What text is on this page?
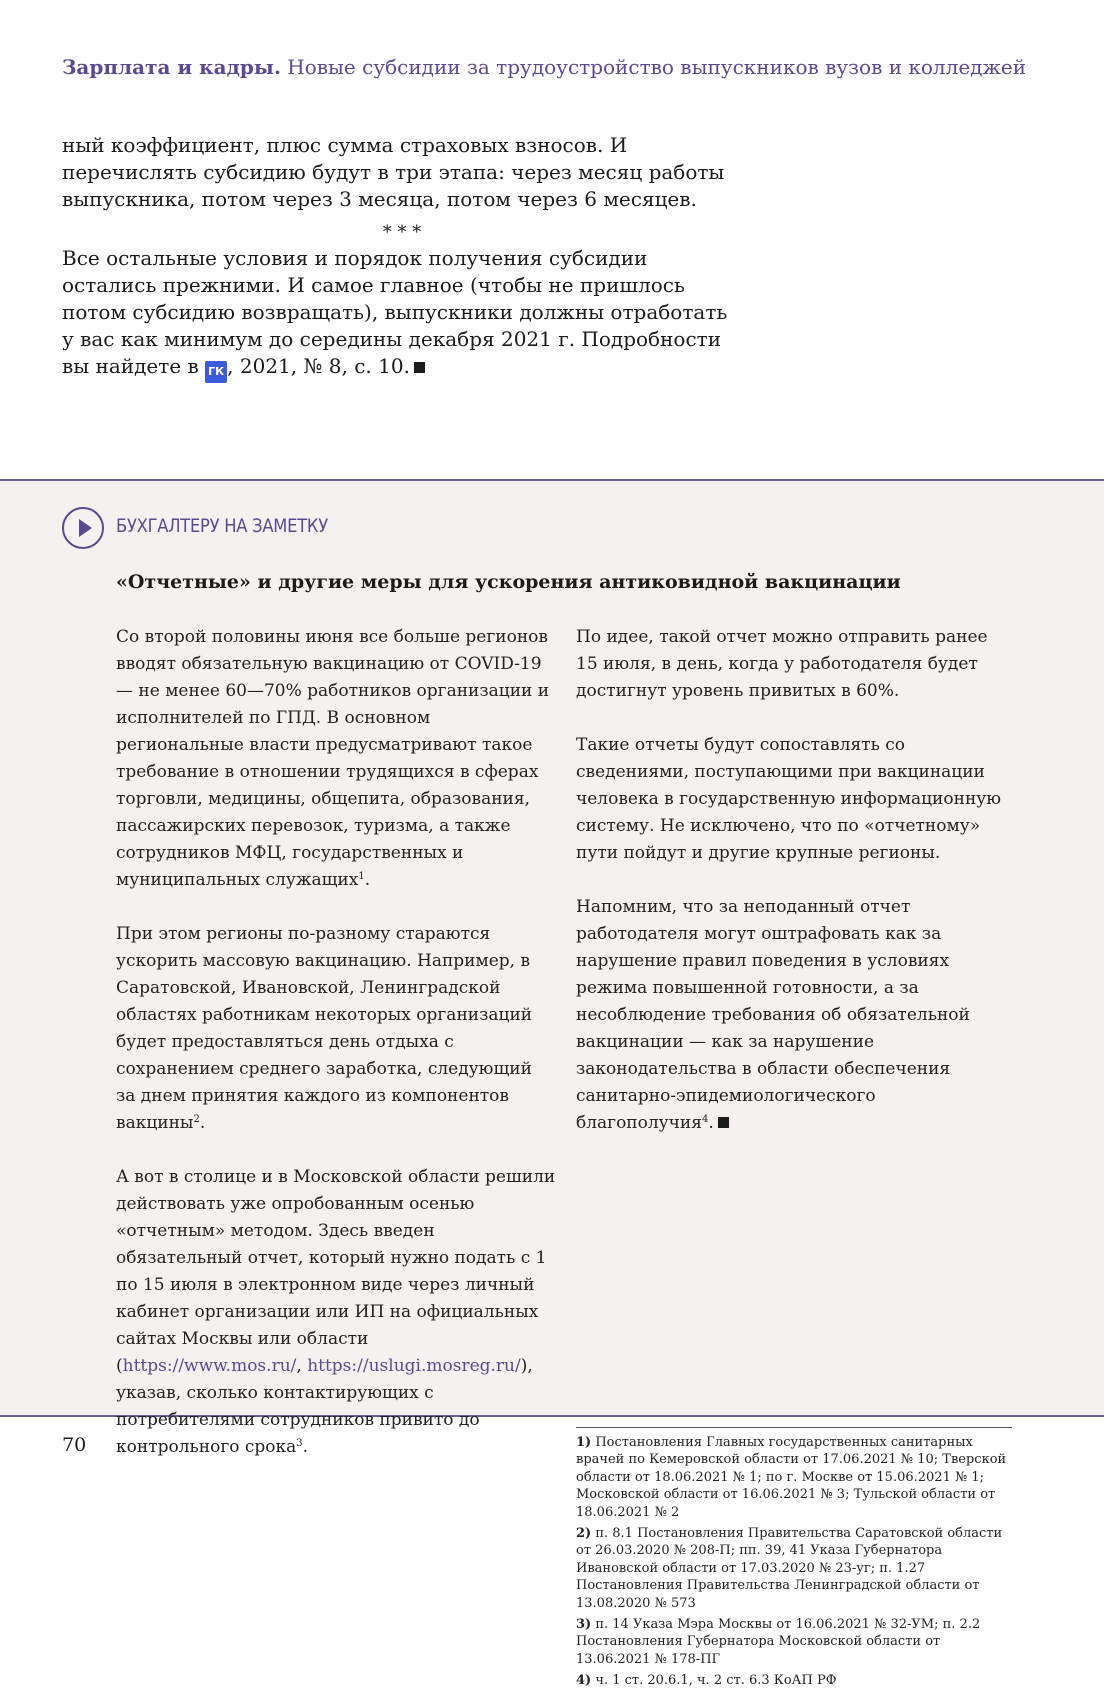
Зарплата и кадры. Новые субсидии за трудоустройство выпускников вузов и колледжей

ный коэффициент, плюс сумма страховых взносов. И перечислять субсидию будут в три этапа: через месяц работы выпускника, потом через 3 месяца, потом через 6 месяцев.

* * *

Все остальные условия и порядок получения субсидии остались прежними. И самое главное (чтобы не пришлось потом субсидию возвращать), выпускники должны отработать у вас как минимум до середины декабря 2021 г. Подробности вы найдете в ГК , 2021, № 8, с. 10.

БУХГАЛТЕРУ НА ЗАМЕТКУ
«Отчетные» и другие меры для ускорения антиковидной вакцинации

Со второй половины июня все больше регионов вводят обязательную вакцинацию от COVID-19 — не менее 60—70% работников организации и исполнителей по ГПД. В основном региональные власти предусматривают такое требование в отношении трудящихся в сферах торговли, медицины, общепита, образования, пассажирских перевозок, туризма, а также сотрудников МФЦ, государственных и муниципальных служащих$^1$.

При этом регионы по-разному стараются ускорить массовую вакцинацию. Например, в Саратовской, Ивановской, Ленинградской областях работникам некоторых организаций будет предоставляться день отдыха с сохранением среднего заработка, следующий за днем принятия каждого из компонентов вакцины$^2$.

А вот в столице и в Московской области решили действовать уже опробованным осенью «отчетным» методом. Здесь введен обязательный отчет, который нужно подать с 1 по 15 июля в электронном виде через личный кабинет организации или ИП на официальных сайтах Москвы или области (https://www.mos.ru/, https://uslugi.mosreg.ru/), указав, сколько контактирующих с потребителями сотрудников привито до контрольного срока$^3$.

По идее, такой отчет можно отправить ранее 15 июля, в день, когда у работодателя будет достигнут уровень привитых в 60%.

Такие отчеты будут сопоставлять со сведениями, поступающими при вакцинации человека в государственную информационную систему. Не исключено, что по «отчетному» пути пойдут и другие крупные регионы.

Напомним, что за неподанный отчет работодателя могут оштрафовать как за нарушение правил поведения в условиях режима повышенной готовности, а за несоблюдение требования об обязательной вакцинации — как за нарушение законодательства в области обеспечения санитарно-эпидемиологического благополучия$^4$.

1) Постановления Главных государственных санитарных врачей по Кемеровской области от 17.06.2021 № 10; Тверской области от 18.06.2021 № 1; по г. Москве от 15.06.2021 № 1; Московской области от 16.06.2021 № 3; Тульской области от 18.06.2021 № 2

2) п. 8.1 Постановления Правительства Саратовской области от 26.03.2020 № 208-П; пп. 39, 41 Указа Губернатора Ивановской области от 17.03.2020 № 23-уг; п. 1.27 Постановления Правительства Ленинградской области от 13.08.2020 № 573

3) п. 14 Указа Мэра Москвы от 16.06.2021 № 32-УМ; п. 2.2 Постановления Губернатора Московской области от 13.06.2021 № 178-ПГ

4) ч. 1 ст. 20.6.1, ч. 2 ст. 6.3 КоАП РФ

70
